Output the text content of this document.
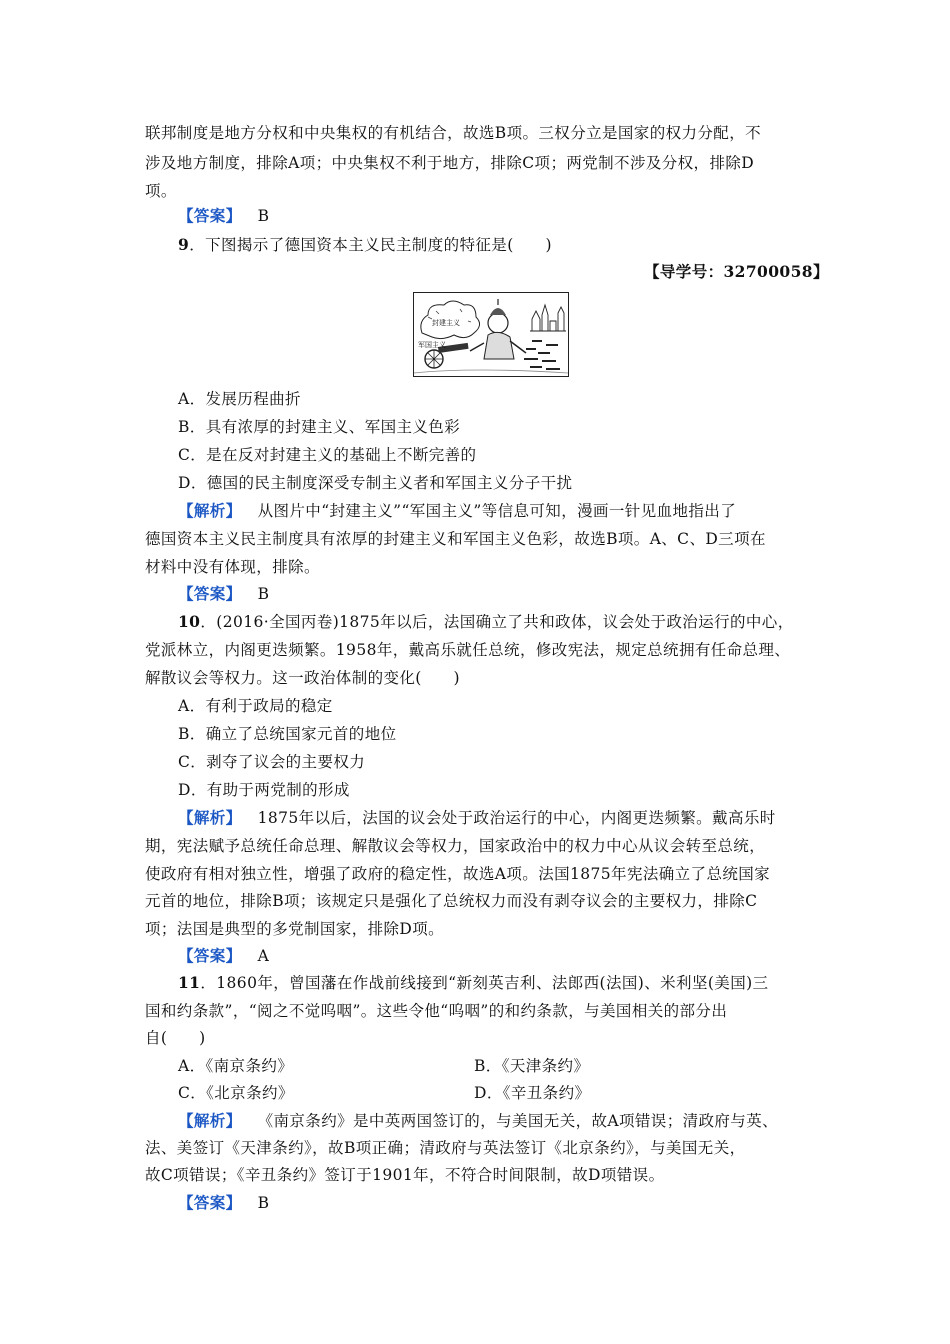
联邦制度是地方分权和中央集权的有机结合，故选B项。三权分立是国家的权力分配，不
涉及地方制度，排除A项；中央集权不利于地方，排除C项；两党制不涉及分权，排除D
项。
【答案】 B
9．下图揭示了德国资本主义民主制度的特征是(　　)
【导学号：32700058】
封建主义
军国主义
A．发展历程曲折
B．具有浓厚的封建主义、军国主义色彩
C．是在反对封建主义的基础上不断完善的
D．德国的民主制度深受专制主义者和军国主义分子干扰
【解析】 从图片中“封建主义”“军国主义”等信息可知，漫画一针见血地指出了
德国资本主义民主制度具有浓厚的封建主义和军国主义色彩，故选B项。A、C、D三项在
材料中没有体现，排除。
【答案】 B
10．(2016·全国丙卷)1875年以后，法国确立了共和政体，议会处于政治运行的中心，
党派林立，内阁更迭频繁。1958年，戴高乐就任总统，修改宪法，规定总统拥有任命总理、
解散议会等权力。这一政治体制的变化(　　)
A．有利于政局的稳定
B．确立了总统国家元首的地位
C．剥夺了议会的主要权力
D．有助于两党制的形成
【解析】 1875年以后，法国的议会处于政治运行的中心，内阁更迭频繁。戴高乐时
期，宪法赋予总统任命总理、解散议会等权力，国家政治中的权力中心从议会转至总统，
使政府有相对独立性，增强了政府的稳定性，故选A项。法国1875年宪法确立了总统国家
元首的地位，排除B项；该规定只是强化了总统权力而没有剥夺议会的主要权力，排除C
项；法国是典型的多党制国家，排除D项。
【答案】 A
11．1860年，曾国藩在作战前线接到“新刻英吉利、法郎西(法国)、米利坚(美国)三
国和约条款”，“阅之不觉呜咽”。这些令他“呜咽”的和约条款，与美国相关的部分出
自(　　)
A．《南京条约》	B．《天津条约》
C．《北京条约》	D．《辛丑条约》
【解析】 《南京条约》是中英两国签订的，与美国无关，故A项错误；清政府与英、
法、美签订《天津条约》，故B项正确；清政府与英法签订《北京条约》，与美国无关，
故C项错误；《辛丑条约》签订于1901年，不符合时间限制，故D项错误。
【答案】 B
